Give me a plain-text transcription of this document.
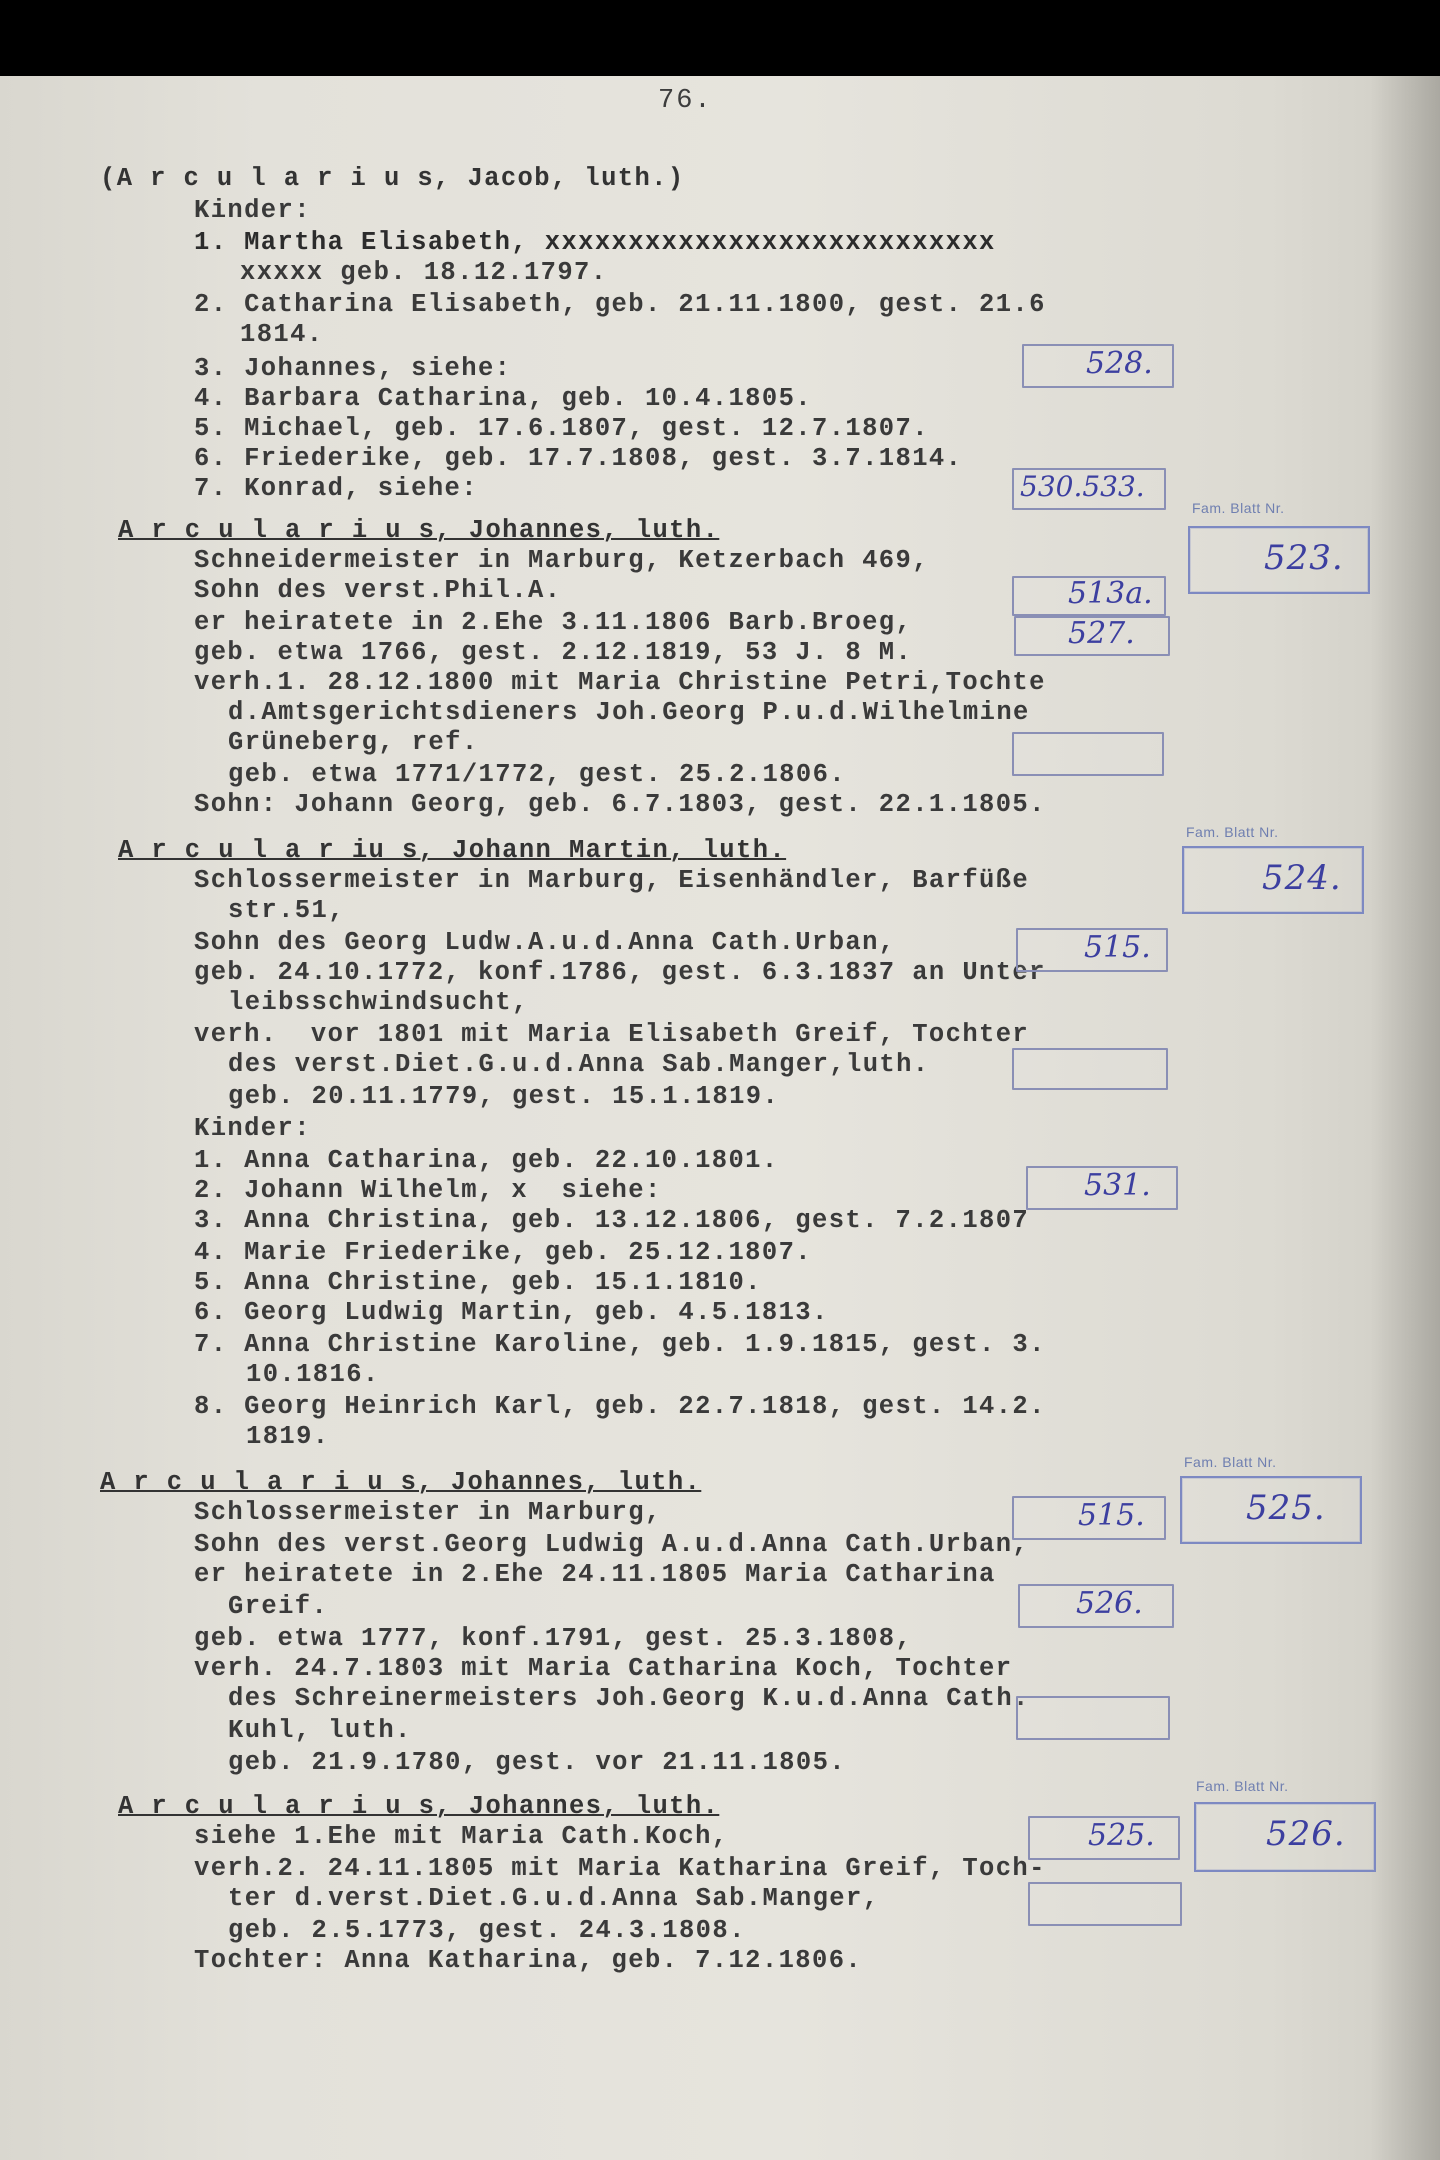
76.
(A r c u l a r i u s, Jacob, luth.)
Kinder:
1. Martha Elisabeth, xxxxxxxxxxxxxxxxxxxxxxxxxxx
xxxxx geb. 18.12.1797.
2. Catharina Elisabeth, geb. 21.11.1800, gest. 21.6
1814.
3. Johannes, siehe:
4. Barbara Catharina, geb. 10.4.1805.
5. Michael, geb. 17.6.1807, gest. 12.7.1807.
6. Friederike, geb. 17.7.1808, gest. 3.7.1814.
7. Konrad, siehe:
A r c u l a r i u s, Johannes, luth.
Schneidermeister in Marburg, Ketzerbach 469,
Sohn des verst.Phil.A.
er heiratete in 2.Ehe 3.11.1806 Barb.Broeg,
geb. etwa 1766, gest. 2.12.1819, 53 J. 8 M.
verh.1. 28.12.1800 mit Maria Christine Petri,Tochte
d.Amtsgerichtsdieners Joh.Georg P.u.d.Wilhelmine
Grüneberg, ref.
geb. etwa 1771/1772, gest. 25.2.1806.
Sohn: Johann Georg, geb. 6.7.1803, gest. 22.1.1805.
A r c u l a r iu s, Johann Martin, luth.
Schlossermeister in Marburg, Eisenhändler, Barfüße
str.51,
Sohn des Georg Ludw.A.u.d.Anna Cath.Urban,
geb. 24.10.1772, konf.1786, gest. 6.3.1837 an Unter
leibsschwindsucht,
verh.  vor 1801 mit Maria Elisabeth Greif, Tochter
des verst.Diet.G.u.d.Anna Sab.Manger,luth.
geb. 20.11.1779, gest. 15.1.1819.
Kinder:
1. Anna Catharina, geb. 22.10.1801.
2. Johann Wilhelm, x  siehe:
3. Anna Christina, geb. 13.12.1806, gest. 7.2.1807
4. Marie Friederike, geb. 25.12.1807.
5. Anna Christine, geb. 15.1.1810.
6. Georg Ludwig Martin, geb. 4.5.1813.
7. Anna Christine Karoline, geb. 1.9.1815, gest. 3.
10.1816.
8. Georg Heinrich Karl, geb. 22.7.1818, gest. 14.2.
1819.
A r c u l a r i u s, Johannes, luth.
Schlossermeister in Marburg,
Sohn des verst.Georg Ludwig A.u.d.Anna Cath.Urban,
er heiratete in 2.Ehe 24.11.1805 Maria Catharina
Greif.
geb. etwa 1777, konf.1791, gest. 25.3.1808,
verh. 24.7.1803 mit Maria Catharina Koch, Tochter
des Schreinermeisters Joh.Georg K.u.d.Anna Cath.
Kuhl, luth.
geb. 21.9.1780, gest. vor 21.11.1805.
A r c u l a r i u s, Johannes, luth.
siehe 1.Ehe mit Maria Cath.Koch,
verh.2. 24.11.1805 mit Maria Katharina Greif, Toch-
ter d.verst.Diet.G.u.d.Anna Sab.Manger,
geb. 2.5.1773, gest. 24.3.1808.
Tochter: Anna Katharina, geb. 7.12.1806.
528.
530.533.
513a.
527.
515.
531.
515.
526.
525.
Fam. Blatt Nr.
523.
Fam. Blatt Nr.
524.
Fam. Blatt Nr.
525.
Fam. Blatt Nr.
526.
